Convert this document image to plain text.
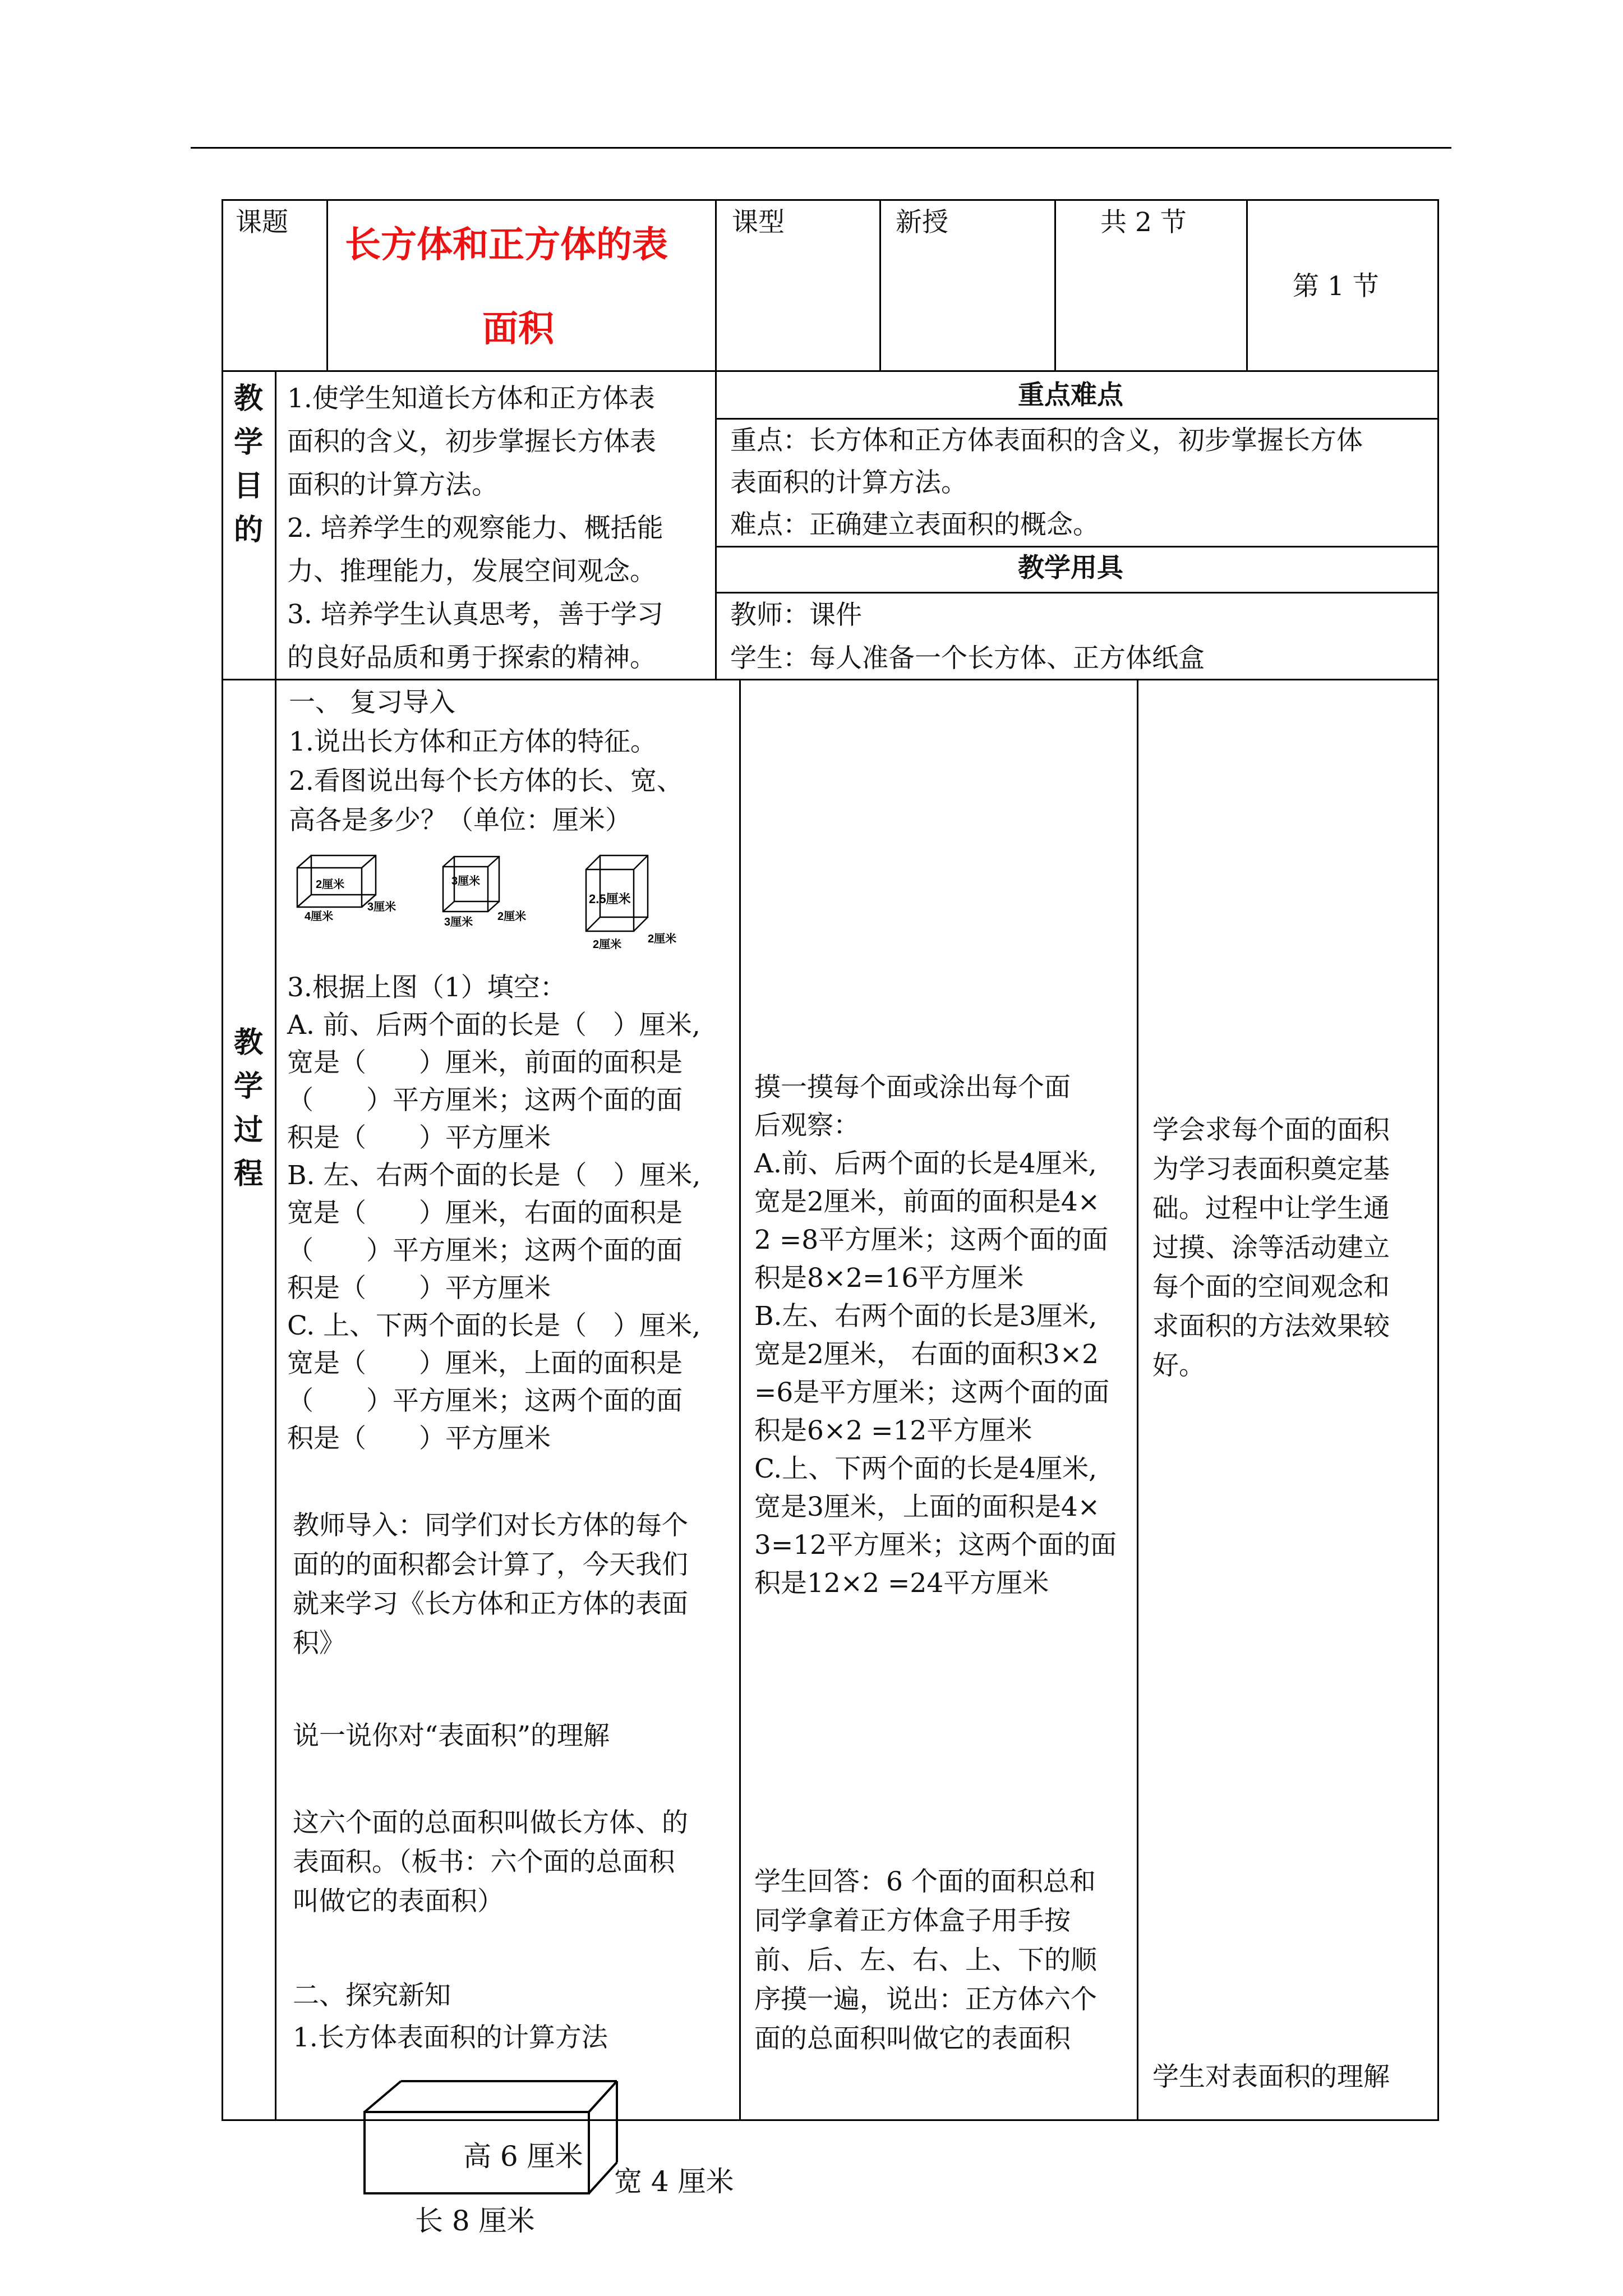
课题
长方体和正方体的表
面积
课型	新授	共 2 节
第 1 节
教
学
目
的
1.使学生知道长方体和正方体表
面积的含义，初步掌握长方体表
面积的计算方法。
2. 培养学生的观察能力、概括能
力、推理能力，发展空间观念。
3. 培养学生认真思考，善于学习
的良好品质和勇于探索的精神。
重点难点
重点：长方体和正方体表面积的含义，初步掌握长方体
表面积的计算方法。
难点：正确建立表面积的概念。
教学用具
教师：课件
学生：每人准备一个长方体、正方体纸盒
教
学
过
程
一、 复习导入
1.说出长方体和正方体的特征。
2.看图说出每个长方体的长、宽、
高各是多少？（单位：厘米）
2厘米
4厘米
3厘米
3厘米
3厘米 2厘米
2.5厘米
2厘米 2厘米
3.根据上图（1）填空：
A. 前、后两个面的长是（　）厘米,
宽是（　　）厘米，前面的面积是
（　　）平方厘米；这两个面的面
积是（　　）平方厘米
B. 左、右两个面的长是（　）厘米,
宽是（　　）厘米，右面的面积是
（　　）平方厘米；这两个面的面
积是（　　）平方厘米
C. 上、下两个面的长是（　）厘米,
宽是（　　）厘米，上面的面积是
（　　）平方厘米；这两个面的面
积是（　　）平方厘米
教师导入：同学们对长方体的每个
面的的面积都会计算了，今天我们
就来学习《长方体和正方体的表面
积》
说一说你对“表面积”的理解
这六个面的总面积叫做长方体、的
表面积。（板书：六个面的总面积
叫做它的表面积）
二、探究新知
1.长方体表面积的计算方法
摸一摸每个面或涂出每个面
后观察：
A.前、后两个面的长是4厘米,
宽是2厘米，前面的面积是4×
2 =8平方厘米；这两个面的面
积是8×2=16平方厘米
B.左、右两个面的长是3厘米,
宽是2厘米， 右面的面积3×2
=6是平方厘米；这两个面的面
积是6×2 =12平方厘米
C.上、下两个面的长是4厘米,
宽是3厘米，上面的面积是4×
3=12平方厘米；这两个面的面
积是12×2 =24平方厘米
学生回答：6 个面的面积总和
同学拿着正方体盒子用手按
前、后、左、右、上、下的顺
序摸一遍，说出：正方体六个
面的总面积叫做它的表面积
学会求每个面的面积
为学习表面积奠定基
础。过程中让学生通
过摸、涂等活动建立
每个面的空间观念和
求面积的方法效果较
好。
学生对表面积的理解
高 6 厘米
宽 4 厘米
长 8 厘米
